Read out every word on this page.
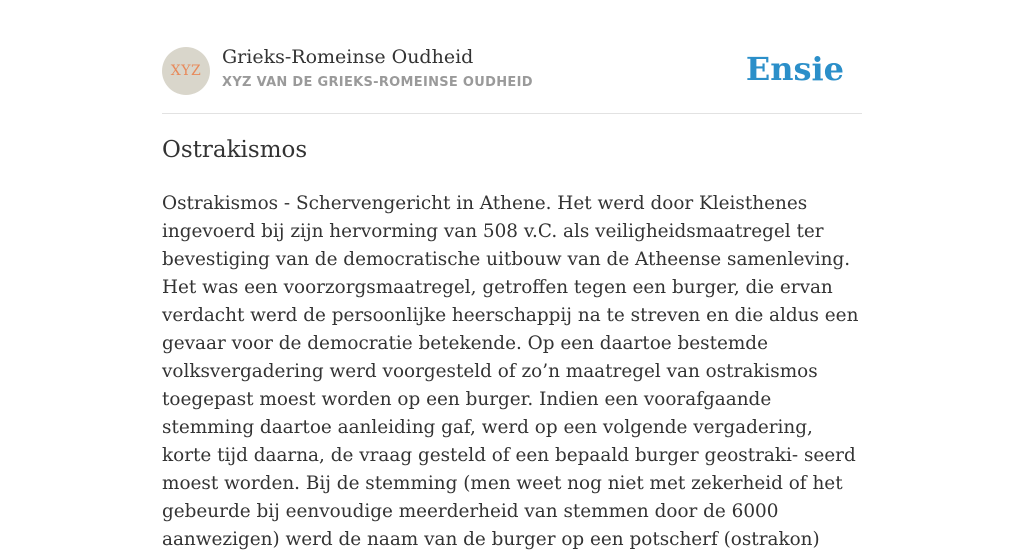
XYZ
Grieks-Romeinse Oudheid
XYZ VAN DE GRIEKS-ROMEINSE OUDHEID	Ensie
Ostrakismos

Ostrakismos - Schervengericht in Athene. Het werd door Kleisthenes ingevoerd bij zijn hervorming van 508 v.C. als veiligheidsmaatregel ter bevestiging van de democratische uitbouw van de Atheense samenleving. Het was een voorzorgsmaatregel, getroffen tegen een burger, die ervan verdacht werd de persoonlijke heerschappij na te streven en die aldus een gevaar voor de democratie betekende. Op een daartoe bestemde volksvergadering werd voorgesteld of zo’n maatregel van ostrakismos toegepast moest worden op een burger. Indien een voorafgaande stemming daartoe aanleiding gaf, werd op een volgende vergadering, korte tijd daarna, de vraag gesteld of een bepaald burger geostraki- seerd moest worden. Bij de stemming (men weet nog niet met zekerheid of het gebeurde bij eenvoudige meerderheid van stemmen door de 6000 aanwezigen) werd de naam van de burger op een potscherf (ostrakon)
